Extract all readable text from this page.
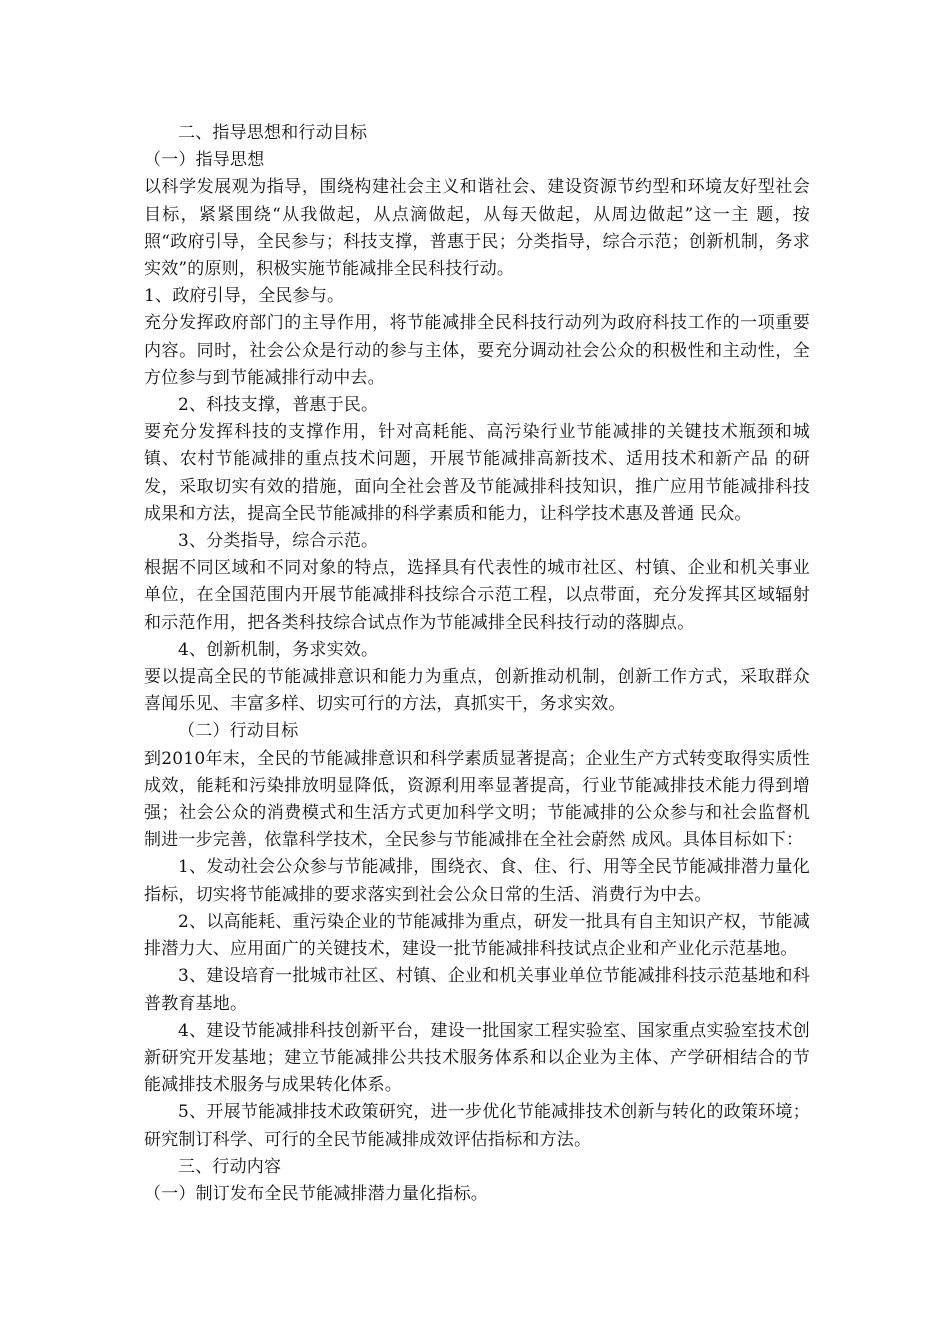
二、指导思想和行动目标

（一）指导思想

以科学发展观为指导，围绕构建社会主义和谐社会、建设资源节约型和环境友好型社会目标，紧紧围绕“从我做起，从点滴做起，从每天做起，从周边做起”这一主 题，按照“政府引导，全民参与；科技支撑，普惠于民；分类指导，综合示范；创新机制，务求实效”的原则，积极实施节能减排全民科技行动。

1、政府引导，全民参与。

充分发挥政府部门的主导作用，将节能减排全民科技行动列为政府科技工作的一项重要内容。同时，社会公众是行动的参与主体，要充分调动社会公众的积极性和主动性，全方位参与到节能减排行动中去。

2、科技支撑，普惠于民。

要充分发挥科技的支撑作用，针对高耗能、高污染行业节能减排的关键技术瓶颈和城镇、农村节能减排的重点技术问题，开展节能减排高新技术、适用技术和新产品 的研发，采取切实有效的措施，面向全社会普及节能减排科技知识，推广应用节能减排科技成果和方法，提高全民节能减排的科学素质和能力，让科学技术惠及普通 民众。

3、分类指导，综合示范。

根据不同区域和不同对象的特点，选择具有代表性的城市社区、村镇、企业和机关事业单位，在全国范围内开展节能减排科技综合示范工程，以点带面，充分发挥其区域辐射和示范作用，把各类科技综合试点作为节能减排全民科技行动的落脚点。

4、创新机制，务求实效。

要以提高全民的节能减排意识和能力为重点，创新推动机制，创新工作方式，采取群众喜闻乐见、丰富多样、切实可行的方法，真抓实干，务求实效。

（二）行动目标

到2010年末，全民的节能减排意识和科学素质显著提高；企业生产方式转变取得实质性成效，能耗和污染排放明显降低，资源利用率显著提高，行业节能减排技术能力得到增强；社会公众的消费模式和生活方式更加科学文明；节能减排的公众参与和社会监督机制进一步完善，依靠科学技术，全民参与节能减排在全社会蔚然 成风。具体目标如下：

1、发动社会公众参与节能减排，围绕衣、食、住、行、用等全民节能减排潜力量化指标，切实将节能减排的要求落实到社会公众日常的生活、消费行为中去。

2、以高能耗、重污染企业的节能减排为重点，研发一批具有自主知识产权，节能减排潜力大、应用面广的关键技术，建设一批节能减排科技试点企业和产业化示范基地。

3、建设培育一批城市社区、村镇、企业和机关事业单位节能减排科技示范基地和科普教育基地。

4、建设节能减排科技创新平台，建设一批国家工程实验室、国家重点实验室技术创新研究开发基地；建立节能减排公共技术服务体系和以企业为主体、产学研相结合的节能减排技术服务与成果转化体系。

5、开展节能减排技术政策研究，进一步优化节能减排技术创新与转化的政策环境；研究制订科学、可行的全民节能减排成效评估指标和方法。

三、行动内容

（一）制订发布全民节能减排潜力量化指标。
